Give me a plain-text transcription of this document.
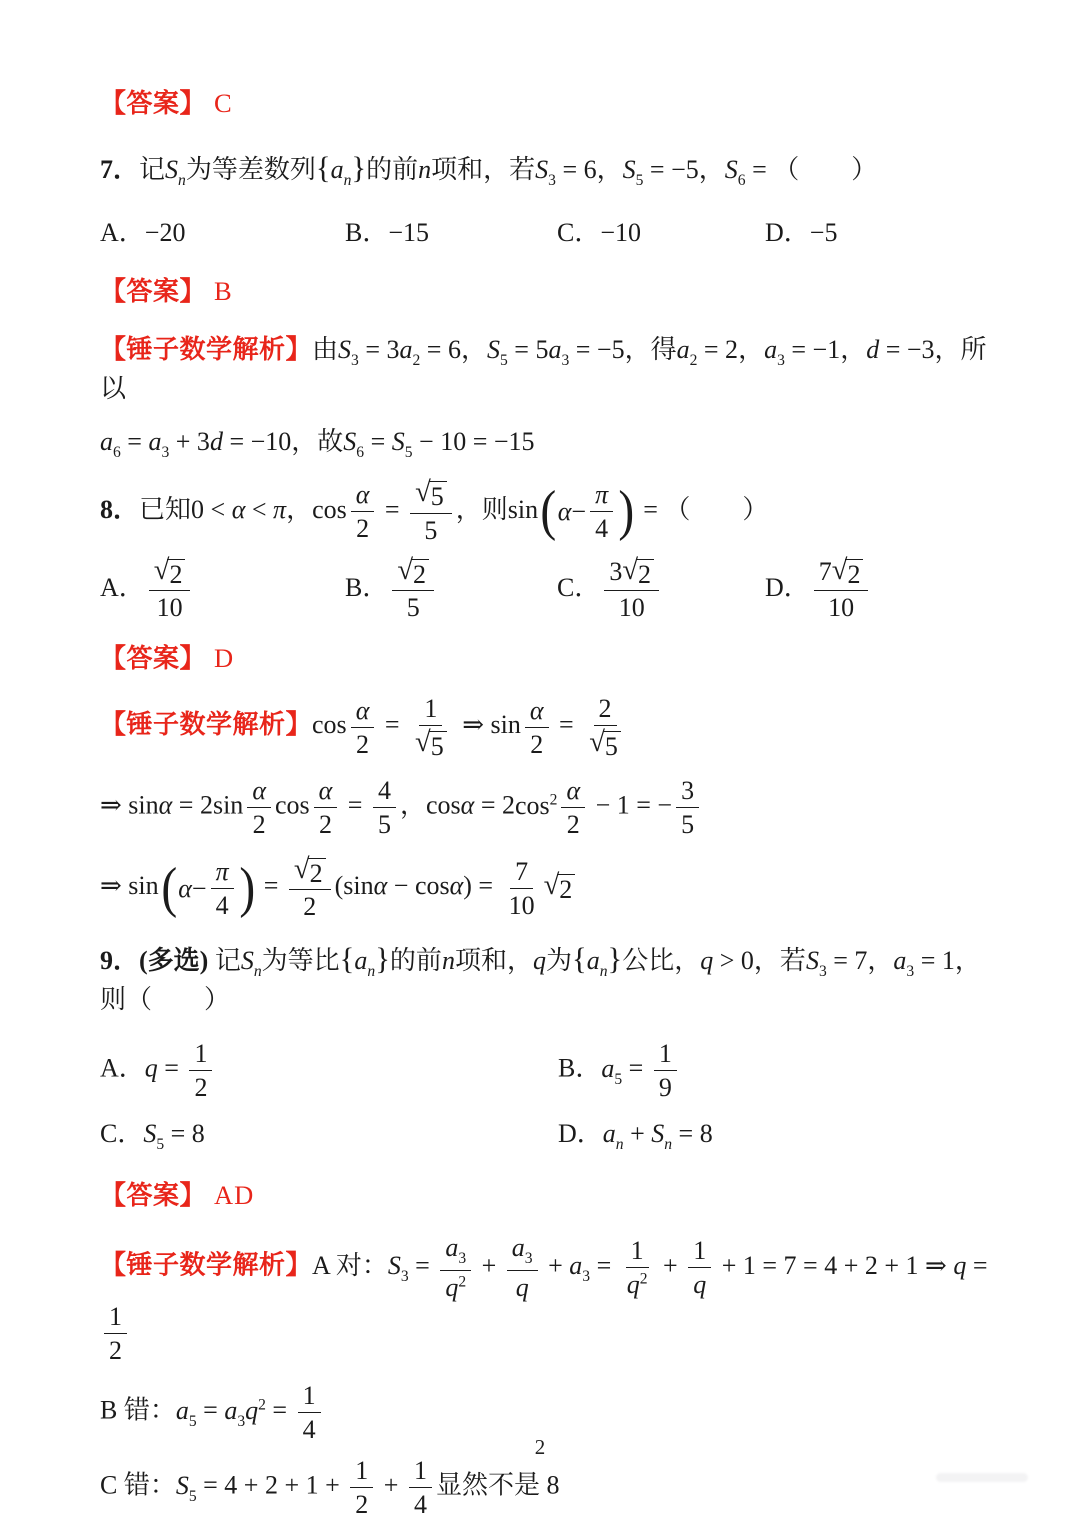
【答案】 C
7．记$S_n$为等差数列$\{a_n\}$的前n项和，若$S_3 = 6$，$S_5 = -5$，$S_6$ = （　　）
A．−20	B．−15	C．−10	D．−5
【答案】 B
【锤子数学解析】由$S_3 = 3a_2 = 6$，$S_5 = 5a_3 = -5$，得$a_2 = 2$，$a_3 = -1$，d = −3，所以
$a_6 = a_3 + 3d = -10$，故$S_6 = S_5 - 10 = -15$
8．已知0 < α < π，$\cos \frac{\alpha}{2} = \frac{√ 5}{5}$ ，则sin ( $\alpha - \frac{\pi}{4}$ ) = （　　）
A． $\frac{√ 2}{10}$	B． $\frac{√ 2}{5}$	C． $\frac{3 √ 2}{10}$	D． $\frac{7 √ 2}{10}$
【答案】 D
【锤子数学解析】$\cos \frac{\alpha}{2} = \frac{1}{√ 5}$ ⇒ $\sin \frac{\alpha}{2} = \frac{2}{√ 5}$
⇒ $\sin\alpha = 2\sin \frac{\alpha}{2}$ $\cos \frac{\alpha}{2} = \frac{4}{5}$ ，$\cos\alpha = 2\cos^2 \frac{\alpha}{2} - 1$ = − $\frac{3}{5}$
⇒ sin ( $\alpha - \frac{\pi}{4}$ ) = $\frac{√ 2}{2} (\sin\alpha - \cos\alpha) = \frac{7}{10}$ √ 2
9．(多选) 记$S_n$为等比$\{a_n\}$的前n项和，q为$\{a_n\}$公比，q > 0，若$S_3 = 7$，$a_3 = 1$，则（　　）
A．$q = \frac{1}{2}$	B．$a_5 = \frac{1}{9}$
C．$S_5 = 8$	D．$a_n + S_n = 8$
【答案】 AD
【锤子数学解析】A 对：$S_3 = \frac{a_3}{q^2} + \frac{a_3}{q} + a_3 = \frac{1}{q^2} + \frac{1}{q} + 1 = 7 = 4 + 2 + 1$ ⇒ q =
$\frac{1}{2}$
B 错：$a_5 = a_3q^2 = \frac{1}{4}$
C 错：$S_5 = 4 + 2 + 1 + \frac{1}{2} + \frac{1}{4}$ 显然不是 8
2
